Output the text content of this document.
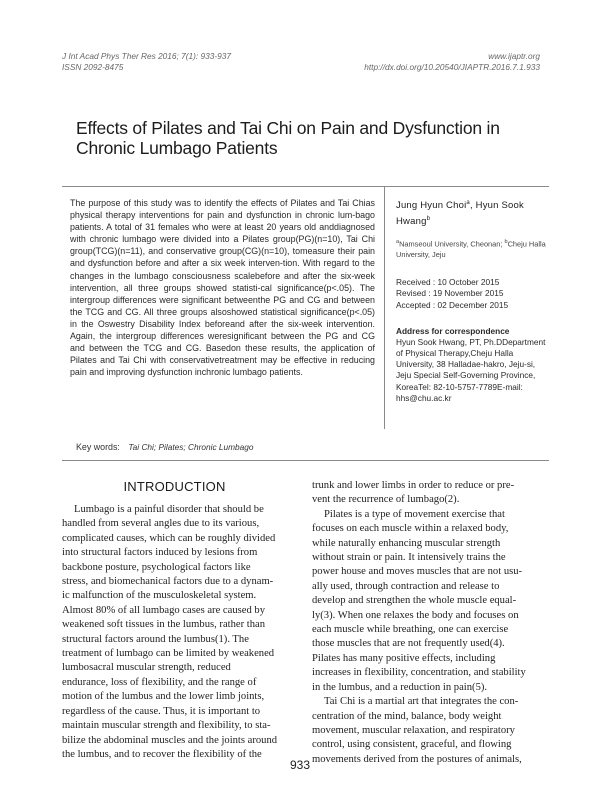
J Int Acad Phys Ther Res 2016; 7(1): 933-937
ISSN 2092-8475
www.ijaptr.org
http://dx.doi.org/10.20540/JIAPTR.2016.7.1.933
Effects of Pilates and Tai Chi on Pain and Dysfunction in
Chronic Lumbago Patients
The purpose of this study was to identify the effects of Pilates and Tai Chias physical therapy interventions for pain and dysfunction in chronic lum-bago patients. A total of 31 females who were at least 20 years old anddiagnosed with chronic lumbago were divided into a Pilates group(PG)(n=10), Tai Chi group(TCG)(n=11), and conservative group(CG)(n=10), tomeasure their pain and dysfunction before and after a six week interven-tion. With regard to the changes in the lumbago consciousness scalebefore and after the six-week intervention, all three groups showed statisti-cal significance(p<.05). The intergroup differences were significant betweenthe PG and CG and between the TCG and CG. All three groups alsoshowed statistical significance(p<.05) in the Oswestry Disability Index beforeand after the six-week intervention. Again, the intergroup differences weresignificant between the PG and CG and between the TCG and CG. Basedon these results, the application of Pilates and Tai Chi with conservativetreatment may be effective in reducing pain and improving dysfunction inchronic lumbago patients.
Key words: Tai Chi; Pilates; Chronic Lumbago
Jung Hyun Choi$^a$, Hyun Sook
Hwang$^b$
$^a$Namseoul University, Cheonan; $^b$Cheju Halla University, Jeju
Received : 10 October 2015
Revised : 19 November 2015
Accepted : 02 December 2015
Address for correspondence
Hyun Sook Hwang, PT, Ph.DDepartment of Physical Therapy,Cheju Halla University, 38 Halladae-hakro, Jeju-si, Jeju Special Self-Governing Province, KoreaTel: 82-10-5757-7789E-mail: hhs@chu.ac.kr
INTRODUCTION
Lumbago is a painful disorder that should be
handled from several angles due to its various,
complicated causes, which can be roughly divided
into structural factors induced by lesions from
backbone posture, psychological factors like
stress, and biomechanical factors due to a dynam-
ic malfunction of the musculoskeletal system.
Almost 80% of all lumbago cases are caused by
weakened soft tissues in the lumbus, rather than
structural factors around the lumbus(1). The
treatment of lumbago can be limited by weakened
lumbosacral muscular strength, reduced
endurance, loss of flexibility, and the range of
motion of the lumbus and the lower limb joints,
regardless of the cause. Thus, it is important to
maintain muscular strength and flexibility, to sta-
bilize the abdominal muscles and the joints around
the lumbus, and to recover the flexibility of the
trunk and lower limbs in order to reduce or pre-
vent the recurrence of lumbago(2).
Pilates is a type of movement exercise that
focuses on each muscle within a relaxed body,
while naturally enhancing muscular strength
without strain or pain. It intensively trains the
power house and moves muscles that are not usu-
ally used, through contraction and release to
develop and strengthen the whole muscle equal-
ly(3). When one relaxes the body and focuses on
each muscle while breathing, one can exercise
those muscles that are not frequently used(4).
Pilates has many positive effects, including
increases in flexibility, concentration, and stability
in the lumbus, and a reduction in pain(5).
Tai Chi is a martial art that integrates the con-
centration of the mind, balance, body weight
movement, muscular relaxation, and respiratory
control, using consistent, graceful, and flowing
movements derived from the postures of animals,
933
